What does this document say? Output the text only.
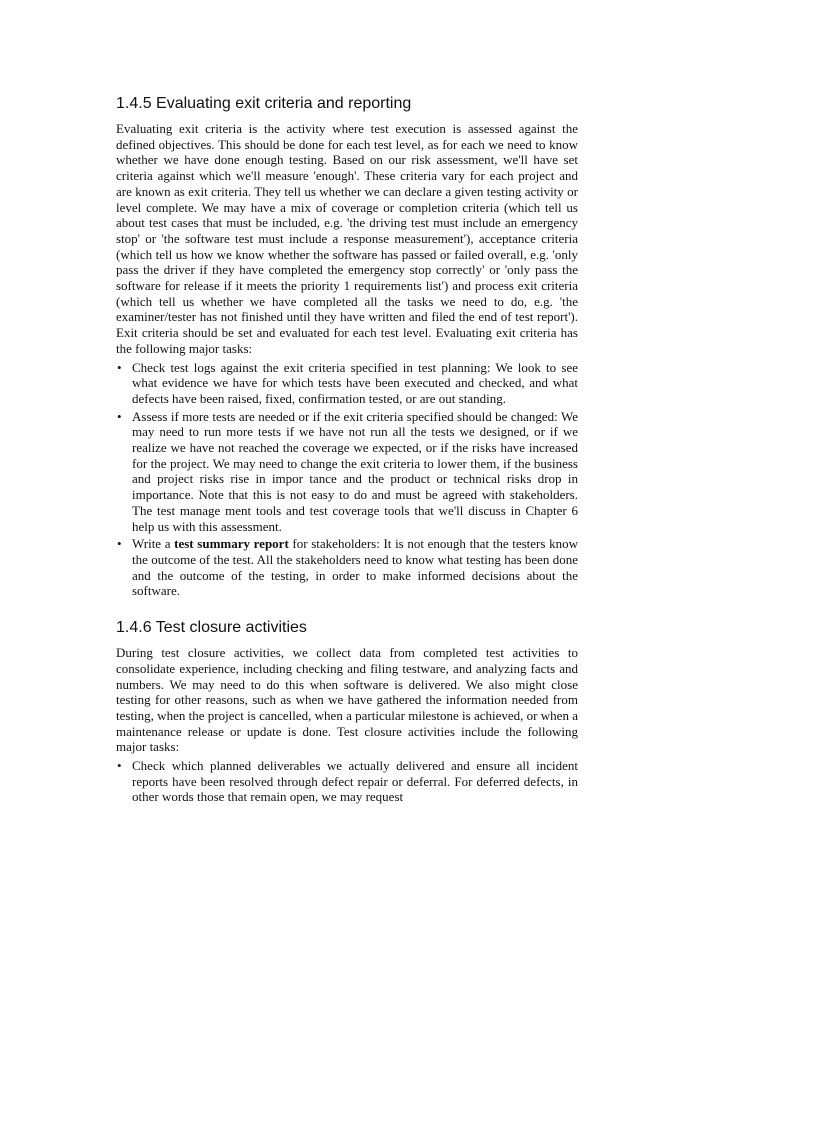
1.4.5 Evaluating exit criteria and reporting

Evaluating exit criteria is the activity where test execution is assessed against the defined objectives. This should be done for each test level, as for each we need to know whether we have done enough testing. Based on our risk assessment, we'll have set criteria against which we'll measure 'enough'. These criteria vary for each project and are known as exit criteria. They tell us whether we can declare a given testing activity or level complete. We may have a mix of coverage or completion criteria (which tell us about test cases that must be included, e.g. 'the driving test must include an emergency stop' or 'the software test must include a response measurement'), acceptance criteria (which tell us how we know whether the software has passed or failed overall, e.g. 'only pass the driver if they have completed the emergency stop correctly' or 'only pass the software for release if it meets the priority 1 requirements list') and process exit criteria (which tell us whether we have completed all the tasks we need to do, e.g. 'the examiner/tester has not finished until they have written and filed the end of test report'). Exit criteria should be set and evaluated for each test level. Evaluating exit criteria has the following major tasks:

• Check test logs against the exit criteria specified in test planning: We look to see what evidence we have for which tests have been executed and checked, and what defects have been raised, fixed, confirmation tested, or are out standing.
• Assess if more tests are needed or if the exit criteria specified should be changed: We may need to run more tests if we have not run all the tests we designed, or if we realize we have not reached the coverage we expected, or if the risks have increased for the project. We may need to change the exit criteria to lower them, if the business and project risks rise in impor tance and the product or technical risks drop in importance. Note that this is not easy to do and must be agreed with stakeholders. The test manage ment tools and test coverage tools that we'll discuss in Chapter 6 help us with this assessment.
• Write a test summary report for stakeholders: It is not enough that the testers know the outcome of the test. All the stakeholders need to know what testing has been done and the outcome of the testing, in order to make informed decisions about the software.
1.4.6 Test closure activities

During test closure activities, we collect data from completed test activities to consolidate experience, including checking and filing testware, and analyzing facts and numbers. We may need to do this when software is delivered. We also might close testing for other reasons, such as when we have gathered the information needed from testing, when the project is cancelled, when a particular milestone is achieved, or when a maintenance release or update is done. Test closure activities include the following major tasks:

• Check which planned deliverables we actually delivered and ensure all incident reports have been resolved through defect repair or deferral. For deferred defects, in other words those that remain open, we may request
